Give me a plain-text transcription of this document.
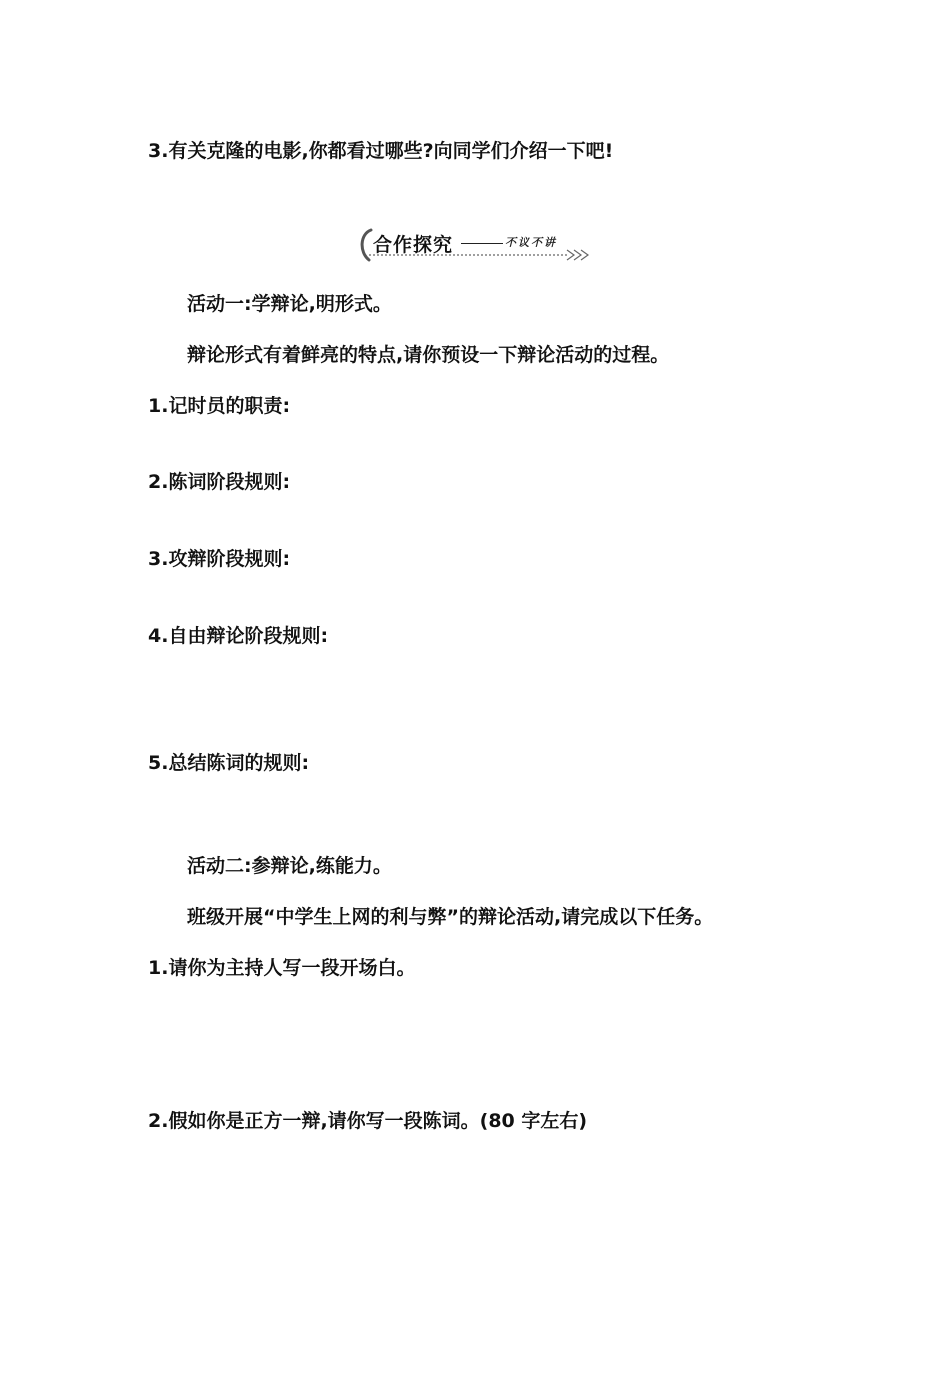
3.有关克隆的电影,你都看过哪些?向同学们介绍一下吧!
合作探究	不议不讲
活动一:学辩论,明形式。
辩论形式有着鲜亮的特点,请你预设一下辩论活动的过程。
1.记时员的职责:
2.陈词阶段规则:
3.攻辩阶段规则:
4.自由辩论阶段规则:
5.总结陈词的规则:
活动二:参辩论,练能力。
班级开展“中学生上网的利与弊”的辩论活动,请完成以下任务。
1.请你为主持人写一段开场白。
2.假如你是正方一辩,请你写一段陈词。(80 字左右)
